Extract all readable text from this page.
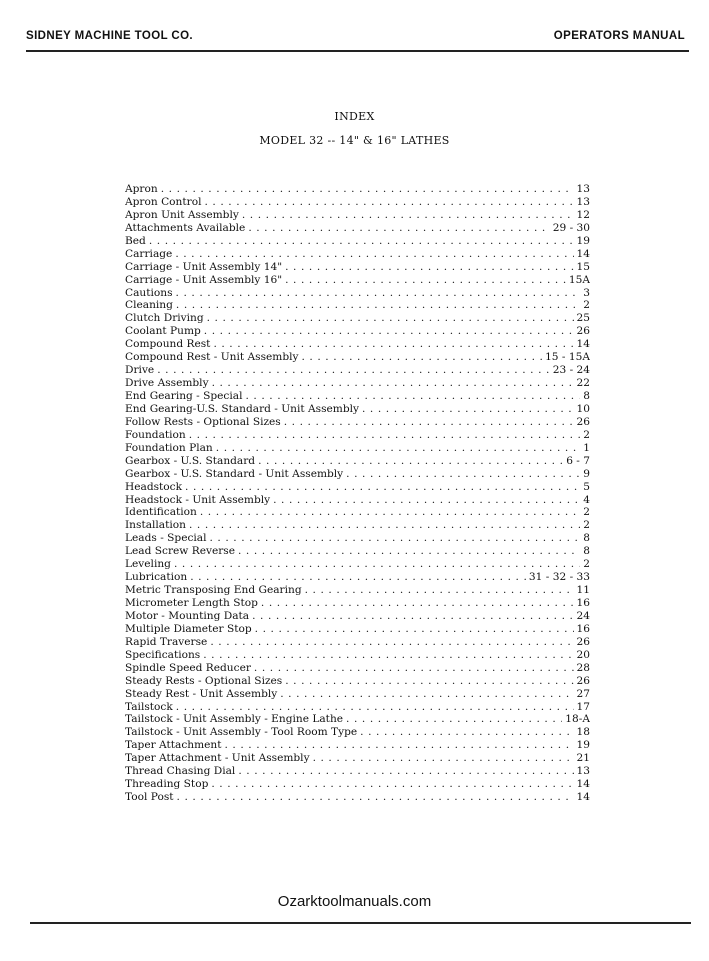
SIDNEY MACHINE TOOL CO.	OPERATORS MANUAL
INDEX
MODEL 32 -- 14" & 16" LATHES
Apron . . .	13
Apron Control . . .	13
Apron Unit Assembly . . .	12
Attachments Available . . .	29 - 30
Bed . . .	19
Carriage . . .	14
Carriage - Unit Assembly 14" . . .	15
Carriage - Unit Assembly 16" . . .	15A
Cautions . . .	3
Cleaning . . .	2
Clutch Driving . . .	25
Coolant Pump . . .	26
Compound Rest . . .	14
Compound Rest - Unit Assembly . . .	15 - 15A
Drive . . .	23 - 24
Drive Assembly . . .	22
End Gearing - Special . . .	8
End Gearing-U.S. Standard - Unit Assembly . . .	10
Follow Rests - Optional Sizes . . .	26
Foundation . . .	2
Foundation Plan . . .	1
Gearbox - U.S. Standard . . .	6 - 7
Gearbox - U.S. Standard - Unit Assembly . . .	9
Headstock . . .	5
Headstock - Unit Assembly . . .	4
Identification . . .	2
Installation . . .	2
Leads - Special . . .	8
Lead Screw Reverse . . .	8
Leveling . . .	2
Lubrication . . .	31 - 32 - 33
Metric Transposing End Gearing . . .	11
Micrometer Length Stop . . .	16
Motor - Mounting Data . . .	24
Multiple Diameter Stop . . .	16
Rapid Traverse . . .	26
Specifications . . .	20
Spindle Speed Reducer . . .	28
Steady Rests - Optional Sizes . . .	26
Steady Rest - Unit Assembly . . .	27
Tailstock . . .	17
Tailstock - Unit Assembly - Engine Lathe . . .	18-A
Tailstock - Unit Assembly - Tool Room Type . . .	18
Taper Attachment . . .	19
Taper Attachment - Unit Assembly . . .	21
Thread Chasing Dial . . .	13
Threading Stop . . .	14
Tool Post . . .	14
Ozarktoolmanuals.com
